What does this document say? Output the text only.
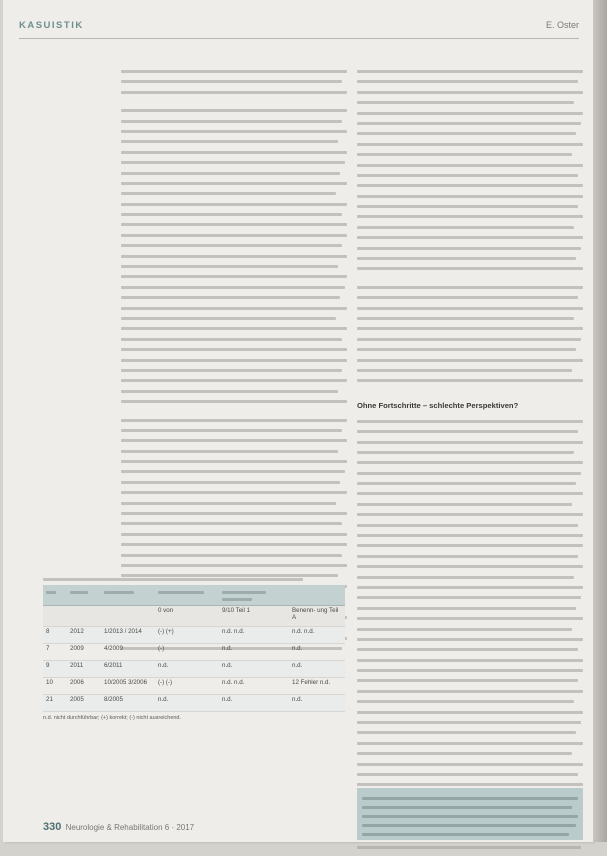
KASUISTIK	E. Oster
Ohne Fortschritte – schlechte Perspektiven?

			0 von	9/10 Teil 1	Benenn- ung Teil A
8	2012	1/2013 / 2014	(-) (+)	n.d. n.d.	n.d. n.d.
7	2009	4/2009	(-)	n.d.	n.d.
9	2011	6/2011	n.d.	n.d.	n.d.
10	2006	10/2005 3/2006	(-) (-)	n.d. n.d.	12 Fehler n.d.
21	2005	8/2005	n.d.	n.d.	n.d.
n.d. nicht durchführbar; (+) korrekt; (-) nicht ausreichend.
330 Neurologie & Rehabilitation 6 · 2017
